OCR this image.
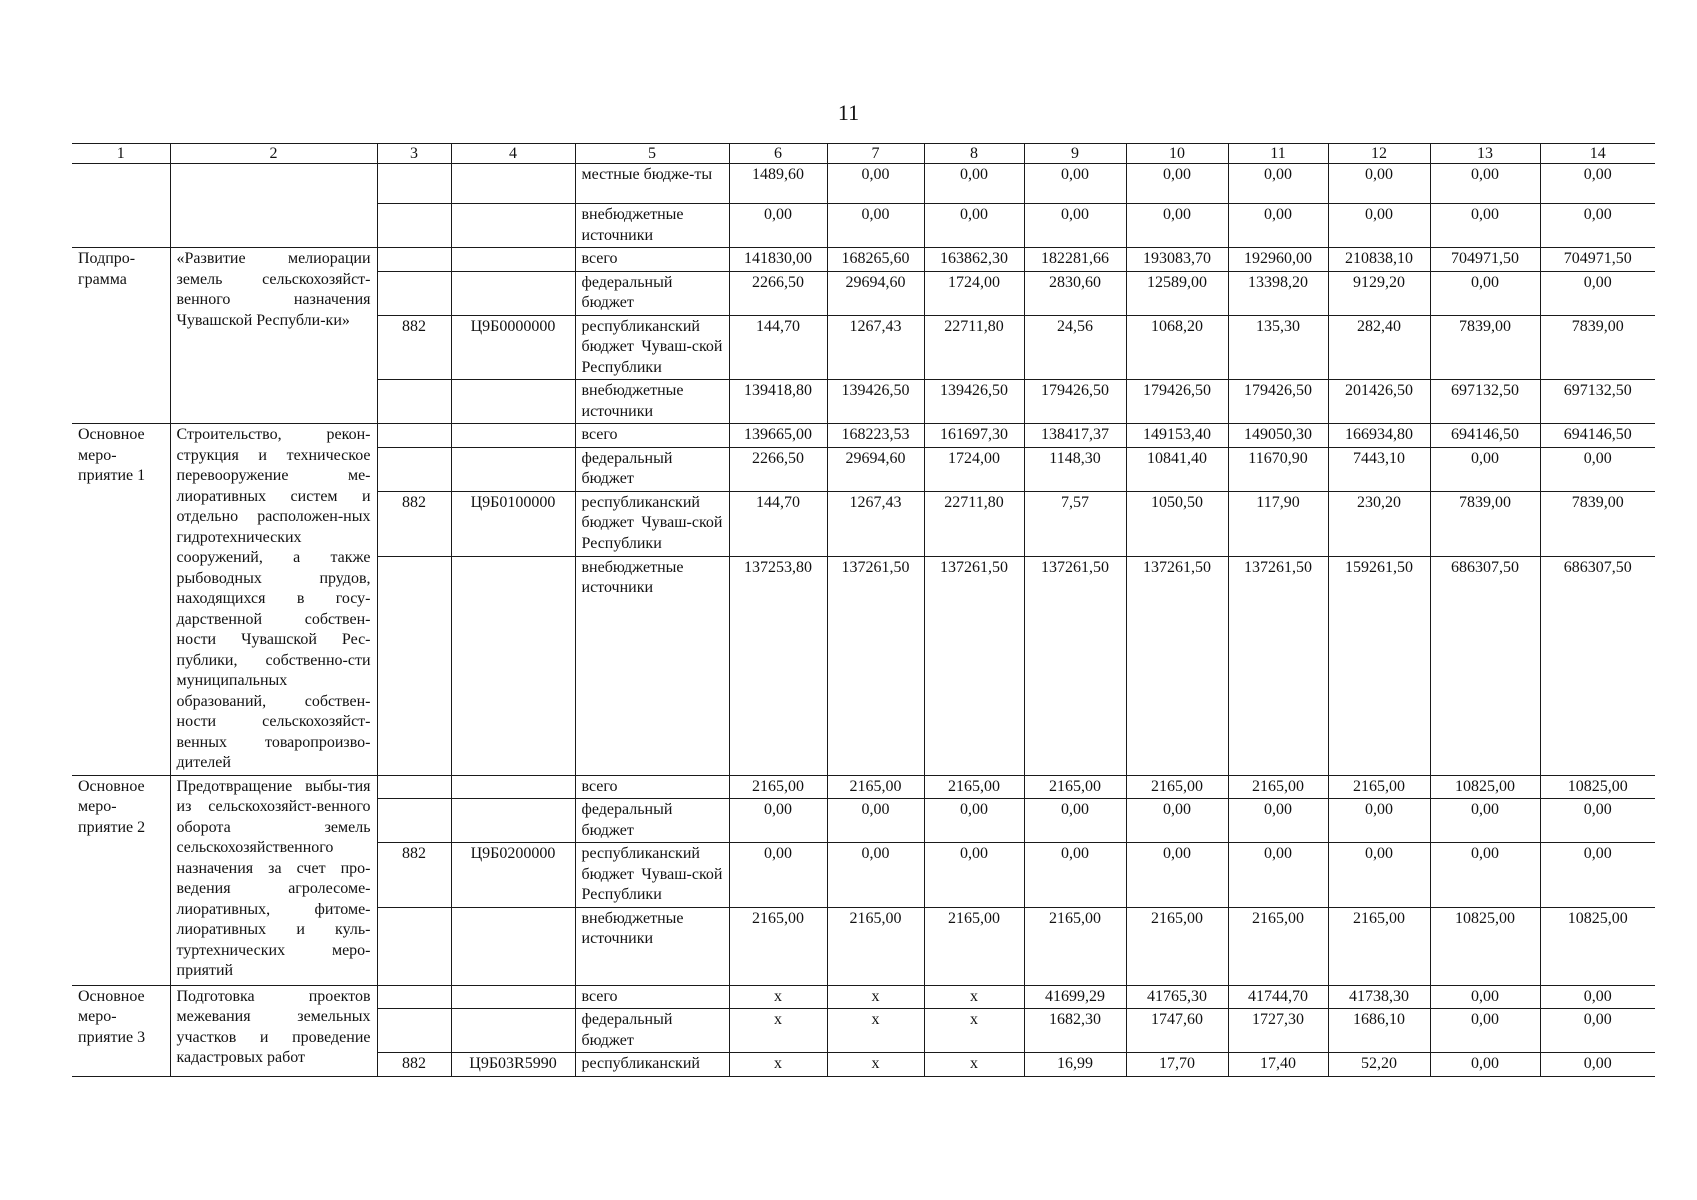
11
1	2	3	4	5	6	7	8	9	10	11	12	13	14
				местные бюдже-ты	1489,60	0,00	0,00	0,00	0,00	0,00	0,00	0,00	0,00
				внебюджетные источники	0,00	0,00	0,00	0,00	0,00	0,00	0,00	0,00	0,00
Подпро-грамма	«Развитие мелиорации земель сельскохозяйст-венного назначения Чувашской Республи-ки»			всего	141830,00	168265,60	163862,30	182281,66	193083,70	192960,00	210838,10	704971,50	704971,50
				федеральный бюджет	2266,50	29694,60	1724,00	2830,60	12589,00	13398,20	9129,20	0,00	0,00
		882	Ц9Б0000000	республиканский бюджет Чуваш-ской Республики	144,70	1267,43	22711,80	24,56	1068,20	135,30	282,40	7839,00	7839,00
				внебюджетные источники	139418,80	139426,50	139426,50	179426,50	179426,50	179426,50	201426,50	697132,50	697132,50
Основное меро-приятие 1	Строительство, рекон-струкция и техническое перевооружение ме-лиоративных систем и отдельно расположен-ных гидротехнических сооружений, а также рыбоводных прудов, находящихся в госу-дарственной собствен-ности Чувашской Рес-публики, собственно-сти муниципальных образований, собствен-ности сельскохозяйст-венных товаропроизво-дителей			всего	139665,00	168223,53	161697,30	138417,37	149153,40	149050,30	166934,80	694146,50	694146,50
				федеральный бюджет	2266,50	29694,60	1724,00	1148,30	10841,40	11670,90	7443,10	0,00	0,00
		882	Ц9Б0100000	республиканский бюджет Чуваш-ской Республики	144,70	1267,43	22711,80	7,57	1050,50	117,90	230,20	7839,00	7839,00
				внебюджетные источники	137253,80	137261,50	137261,50	137261,50	137261,50	137261,50	159261,50	686307,50	686307,50
Основное меро-приятие 2	Предотвращение выбы-тия из сельскохозяйст-венного оборота земель сельскохозяйственного назначения за счет про-ведения агролесоме-лиоративных, фитоме-лиоративных и куль-туртехнических меро-приятий			всего	2165,00	2165,00	2165,00	2165,00	2165,00	2165,00	2165,00	10825,00	10825,00
				федеральный бюджет	0,00	0,00	0,00	0,00	0,00	0,00	0,00	0,00	0,00
		882	Ц9Б0200000	республиканский бюджет Чуваш-ской Республики	0,00	0,00	0,00	0,00	0,00	0,00	0,00	0,00	0,00
				внебюджетные источники	2165,00	2165,00	2165,00	2165,00	2165,00	2165,00	2165,00	10825,00	10825,00
Основное меро-приятие 3	Подготовка проектов межевания земельных участков и проведение кадастровых работ			всего	x	x	x	41699,29	41765,30	41744,70	41738,30	0,00	0,00
				федеральный бюджет	x	x	x	1682,30	1747,60	1727,30	1686,10	0,00	0,00
		882	Ц9Б03R5990	республиканский	x	x	x	16,99	17,70	17,40	52,20	0,00	0,00
